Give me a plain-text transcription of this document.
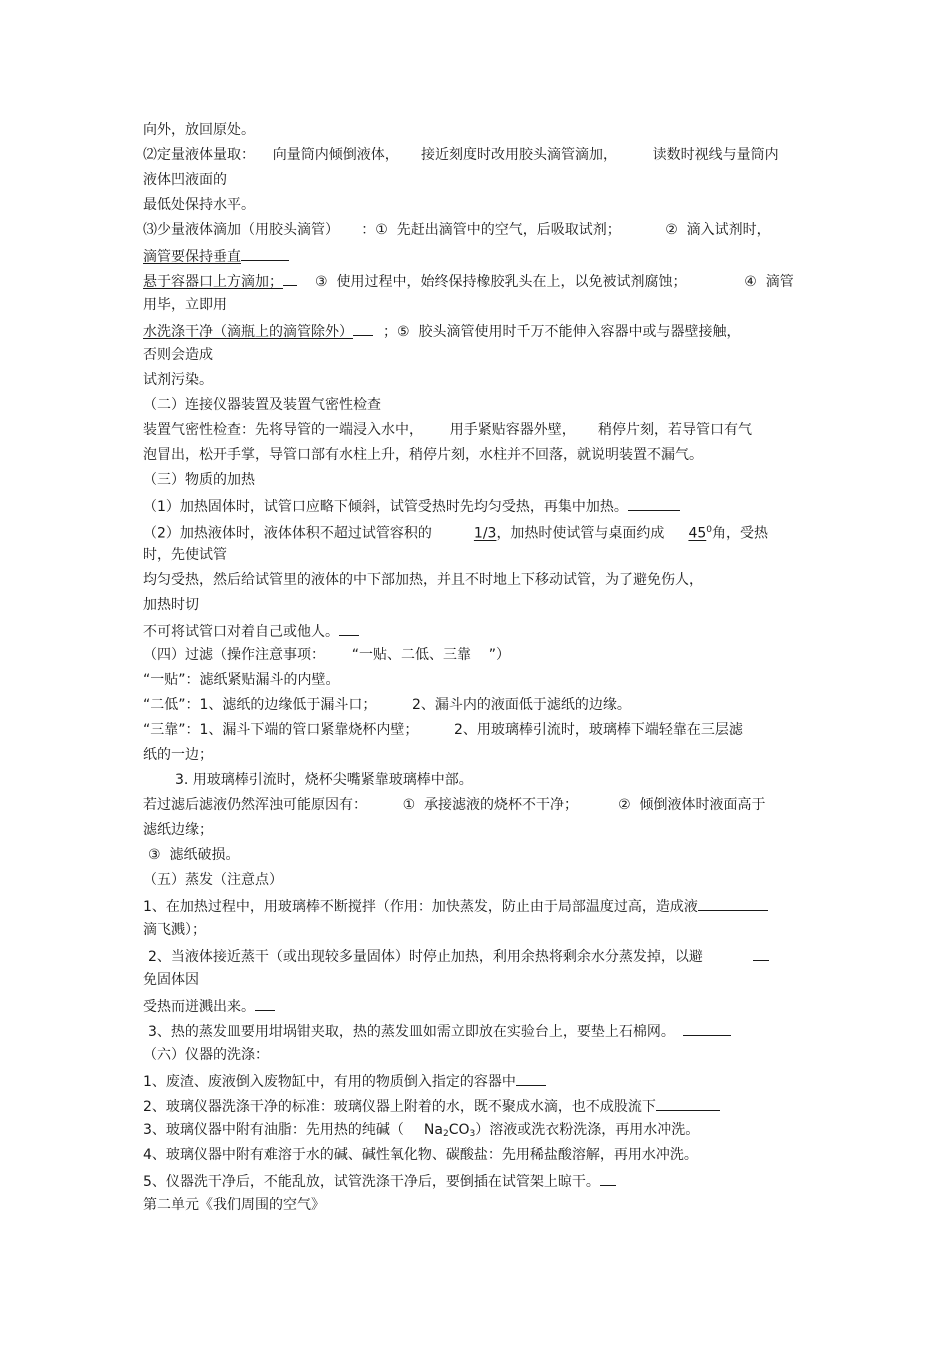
向外，放回原处。

⑵定量液体量取：    向量筒内倾倒液体，     接近刻度时改用胶头滴管滴加，        读数时视线与量筒内

液体凹液面的

最低处保持水平。

⑶少量液体滴加（用胶头滴管）     ：①  先赶出滴管中的空气，后吸取试剂；          ②  滴入试剂时，

滴管要保持垂直

悬于容器口上方滴加； ③  使用过程中，始终保持橡胶乳头在上，以免被试剂腐蚀；             ④  滴管

用毕，立即用

水洗涤干净（滴瓶上的滴管除外） ；⑤  胶头滴管使用时千万不能伸入容器中或与器壁接触，

否则会造成

试剂污染。

（二）连接仪器装置及装置气密性检查

装置气密性检查：先将导管的一端浸入水中，      用手紧贴容器外壁，     稍停片刻，若导管口有气

泡冒出，松开手掌，导管口部有水柱上升，稍停片刻，水柱并不回落，就说明装置不漏气。

（三）物质的加热

（1）加热固体时，试管口应略下倾斜，试管受热时先均匀受热，再集中加热。

（2）加热液体时，液体体积不超过试管容积的	1/3，加热时使试管与桌面约成 $45^0$角，受热

时，先使试管

均匀受热，然后给试管里的液体的中下部加热，并且不时地上下移动试管，为了避免伤人，

加热时切

不可将试管口对着自己或他人。

（四）过滤（操作注意事项：      “一贴、二低、三靠    ”）

“一贴”：滤纸紧贴漏斗的内壁。

“二低”：1、滤纸的边缘低于漏斗口；        2、漏斗内的液面低于滤纸的边缘。

“三靠”：1、漏斗下端的管口紧靠烧杯内壁；        2、用玻璃棒引流时，玻璃棒下端轻靠在三层滤

纸的一边；

3. 用玻璃棒引流时，烧杯尖嘴紧靠玻璃棒中部。

若过滤后滤液仍然浑浊可能原因有：        ①  承接滤液的烧杯不干净；         ②  倾倒液体时液面高于

滤纸边缘；

③  滤纸破损。

（五）蒸发（注意点）

1、在加热过程中，用玻璃棒不断搅拌（作用：加快蒸发，防止由于局部温度过高，造成液

滴飞溅）；

2、当液体接近蒸干（或出现较多量固体）时停止加热，利用余热将剩余水分蒸发掉，以避

免固体因

受热而迸溅出来。

3、热的蒸发皿要用坩埚钳夹取，热的蒸发皿如需立即放在实验台上，要垫上石棉网。

（六）仪器的洗涤：

1、废渣、废液倒入废物缸中，有用的物质倒入指定的容器中

2、玻璃仪器洗涤干净的标准：玻璃仪器上附着的水，既不聚成水滴，也不成股流下

3、玻璃仪器中附有油脂：先用热的纯碱（ $Na_2CO_3$）溶液或洗衣粉洗涤，再用水冲洗。

4、玻璃仪器中附有难溶于水的碱、碱性氧化物、碳酸盐：先用稀盐酸溶解，再用水冲洗。

5、仪器洗干净后，不能乱放，试管洗涤干净后，要倒插在试管架上晾干。

第二单元《我们周围的空气》
